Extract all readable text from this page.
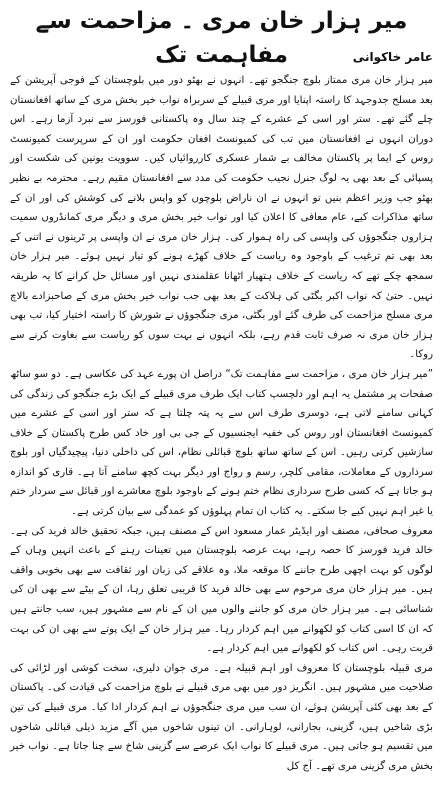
میر ہزار خان مری ۔ مزاحمت سے مفاہمت تک	عامر خاکوانی

میر ہزار خان مری ممتاز بلوچ جنگجو تھے۔ انہوں نے بھٹو دور میں بلوچستان کے فوجی آپریشن کے بعد مسلح جدوجہد کا راستہ اپنایا اور مری قبیلے کے سربراہ نواب خیر بخش مری کے ساتھ افغانستان چلے گئے تھے۔ ستر اور اسی کے عشرے کے چند سال وہ پاکستانی فورسز سے نبرد آزما رہے۔ اس دوران انہوں نے افغانستان میں تب کی کمیونسٹ افغان حکومت اور ان کے سرپرست کمیونسٹ روس کے ایما پر پاکستان مخالف بے شمار عسکری کارروائیاں کیں۔ سوویت یونین کی شکست اور پسپائی کے بعد بھی یہ لوگ جنرل نجیب حکومت کی مدد سے افغانستان مقیم رہے۔ محترمہ بے نظیر بھٹو جب وزیر اعظم بنیں تو انہوں نے ان ناراض بلوچوں کو واپس بلانے کی کوشش کی اور ان کے ساتھ مذاکرات کیے، عام معافی کا اعلان کیا اور نواب خیر بخش مری و دیگر مری کمانڈروں سمیت ہزاروں جنگجوؤں کی واپسی کی راہ ہموار کی۔ ہزار خان مری نے ان واپسی پر ٹرینوں نے اتنی کے بعد بھی تم ترغیب کے باوجود وہ ریاست کے خلاف کھڑے ہونے کو تیار نہیں ہوئے۔ میر ہزار خان سمجھ چکے تھے کہ ریاست کے خلاف ہتھیار اٹھانا عقلمندی نہیں اور مسائل حل کرانے کا یہ طریقہ نہیں۔ حتیٰ کہ نواب اکبر بگٹی کی ہلاکت کے بعد بھی جب نواب خیر بخش مری کے صاحبزادے بالاچ مری مسلح مزاحمت کی طرف گئے اور بگٹی، مری جنگجوؤں نے شورش کا راستہ اختیار کیا، تب بھی ہزار خان مری نہ صرف ثابت قدم رہے، بلکہ انہوں نے بہت سوں کو ریاست سے بغاوت کرنے سے روکا۔

”میر ہزار خان مری ، مزاحمت سے مفاہمت تک“ دراصل ان پورے عہد کی عکاسی ہے۔ دو سو ساٹھ صفحات پر مشتمل یہ اہم اور دلچسپ کتاب ایک طرف مری قبیلے کے ایک بڑے جنگجو کی زندگی کی کہانی سامنے لاتی ہے، دوسری طرف اس سے یہ پتہ چلتا ہے کہ ستر اور اسی کے عشرے میں کمیونسٹ افغانستان اور روس کی خفیہ ایجنسیوں کے جی بی اور خاد کس طرح پاکستان کے خلاف سازشیں کرتی رہیں۔ اس کے ساتھ ساتھ بلوچ قبائلی نظام، اس کی داخلی دنیا، پیچیدگیاں اور بلوچ سرداروں کے معاملات، مقامی کلچر، رسم و رواج اور دیگر بہت کچھ سامنے آتا ہے۔ قاری کو اندازہ ہو جاتا ہے کہ کسی طرح سرداری نظام ختم ہونے کے باوجود بلوچ معاشرے اور قبائل سے سردار ختم یا غیر اہم نہیں کیے جا سکتے۔ یہ کتاب ان تمام پہلوؤں کو عمدگی سے بیان کرتی ہے۔

معروف صحافی، مصنف اور ایڈیٹر عمار مسعود اس کے مصنف ہیں، جبکہ تحقیق خالد فرید کی ہے۔ خالد فرید فورسز کا حصہ رہے، بہت عرصہ بلوچستان میں تعینات رہنے کے باعث انہیں وہاں کے لوگوں کو بہت اچھی طرح جاننے کا موقعہ ملا، وہ علاقے کی زبان اور ثقافت سے بھی بخوبی واقف ہیں۔ میر ہزار خان مری مرحوم سے بھی خالد فرید کا قریبی تعلق رہا، ان کے بیٹے سے بھی ان کی شناسائی ہے۔ میر ہزار خان مری کو جاننے والوں میں ان کے نام سے مشہور ہیں، سب جانتے ہیں کہ ان کا اسی کتاب کو لکھوانے میں اہم کردار رہا۔ میر ہزار خان کے ایک پوتے سے بھی ان کی بہت قربت رہی۔ اس کتاب کو لکھوانے میں اہم کردار ہے۔

مری قبیلہ بلوچستان کا معروف اور اہم قبیلہ ہے۔ مری جوان دلیری، سخت کوشی اور لڑائی کی صلاحیت میں مشہور ہیں۔ انگریز دور میں بھی مری قبیلے نے بلوچ مزاحمت کی قیادت کی۔ پاکستان کے بعد بھی کئی آپریشن ہوئے، ان سب میں مری جنگجوؤں نے اہم کردار ادا کیا۔ مری قبیلے کی تین بڑی شاخیں ہیں، گزینی، بجارانی، لوہارانی۔ ان تینوں شاخوں میں آگے مزید ذیلی قبائلی شاخوں میں تقسیم ہو جاتی ہیں۔ مری قبیلے کا نواب ایک عرصے سے گزینی شاخ سے چنا جاتا ہے۔ نواب خیر بخش مری گزینی مری تھے۔ آج کل
